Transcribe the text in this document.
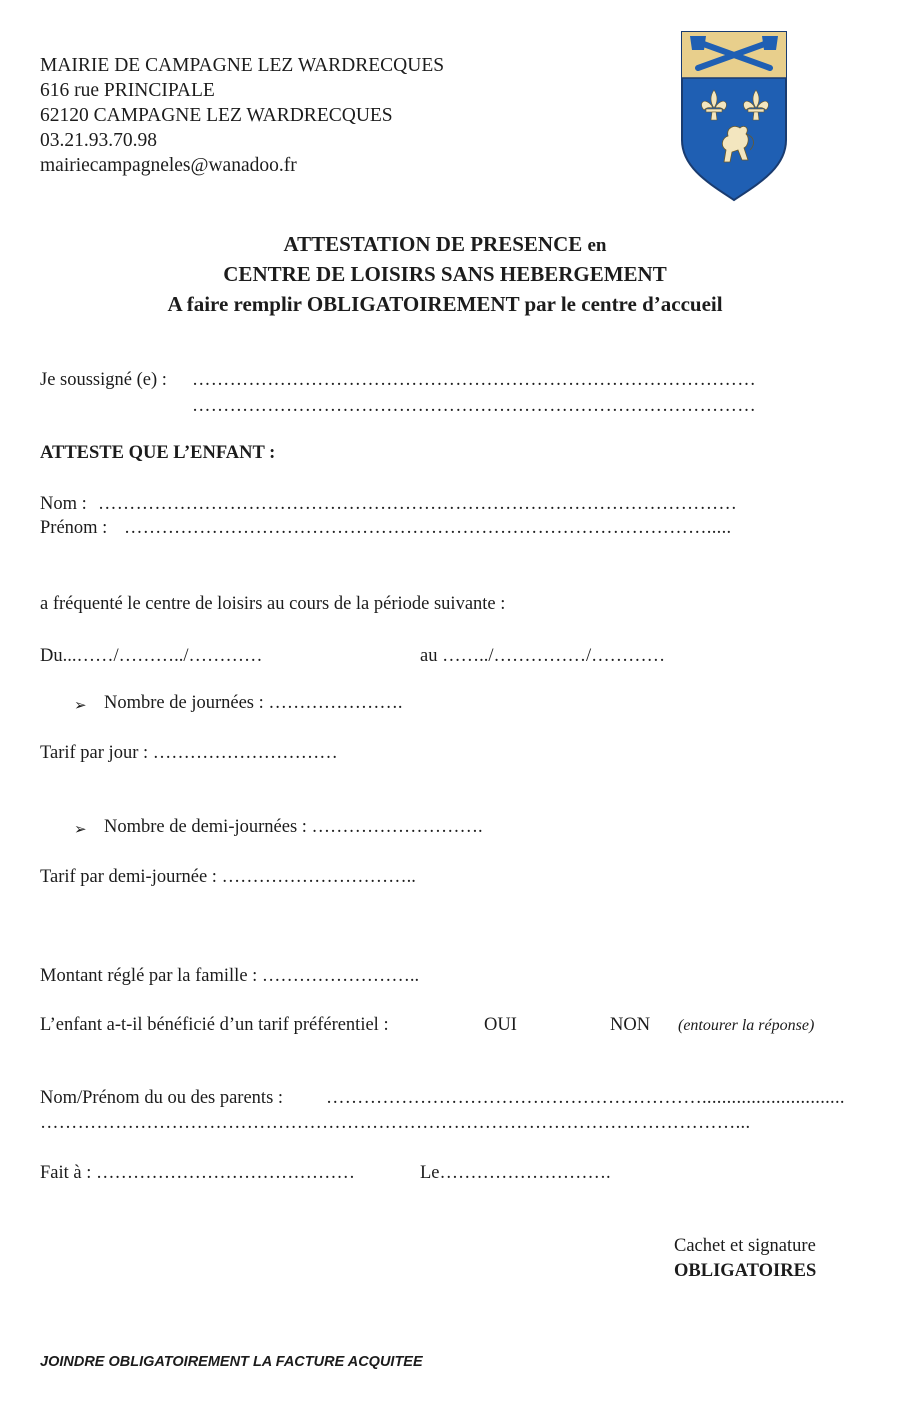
MAIRIE DE CAMPAGNE LEZ WARDRECQUES
616 rue PRINCIPALE
62120 CAMPAGNE LEZ WARDRECQUES
03.21.93.70.98
mairiecampagneles@wanadoo.fr
ATTESTATION DE PRESENCE en
CENTRE DE LOISIRS SANS HEBERGEMENT
A faire remplir OBLIGATOIREMENT par le centre d’accueil
Je soussigné (e) : ………………………………………………………………………………
………………………………………………………………………………
ATTESTE QUE L’ENFANT :
Nom : …………………………………………………………………………………………
Prénom : ………………………………………………………………………………….....
a fréquenté le centre de loisirs au cours de la période suivante :
Du...……/………../…………	au ……../……………/…………
➢ Nombre de journées : ………………….
Tarif par jour : …………………………
➢ Nombre de demi-journées : ……………………….
Tarif par demi-journée : …………………………..
Montant réglé par la famille : ……………………..
L’enfant a-t-il bénéficié d’un tarif préférentiel :	OUI	NON (entourer la réponse)
Nom/Prénom du ou des parents : …………………………………………………….............................
…………………………………………………………………………………………………...
Fait à : ……………………………………	Le……………………….
Cachet et signature
OBLIGATOIRES
JOINDRE OBLIGATOIREMENT LA FACTURE ACQUITEE
